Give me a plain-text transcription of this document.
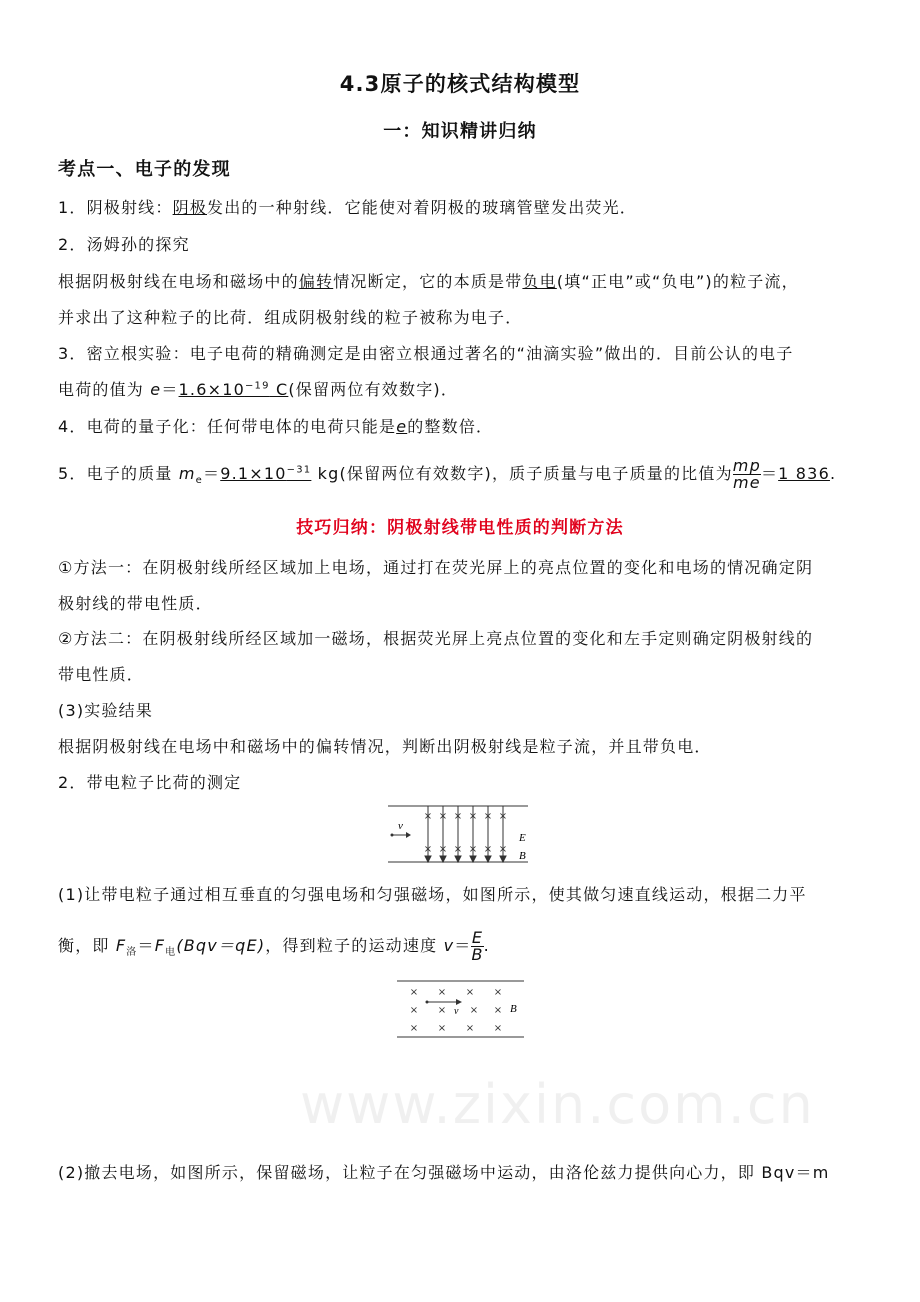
www.zixin.com.cn
4.3原子的核式结构模型
一：知识精讲归纳
考点一、电子的发现
1．阴极射线：阴极发出的一种射线．它能使对着阴极的玻璃管壁发出荧光．
2．汤姆孙的探究
根据阴极射线在电场和磁场中的偏转情况断定，它的本质是带负电(填“正电”或“负电”)的粒子流，
并求出了这种粒子的比荷．组成阴极射线的粒子被称为电子．
3．密立根实验：电子电荷的精确测定是由密立根通过著名的“油滴实验”做出的．目前公认的电子
电荷的值为 $e=1.6\times 10^{-19}$ C(保留两位有效数字)．
4．电荷的量子化：任何带电体的电荷只能是e的整数倍．
5．电子的质量 $m_e=9.1\times 10^{-31}$ kg(保留两位有效数字)，质子质量与电子质量的比值为 $\frac{mp}{me} =1$ 836.
技巧归纳：阴极射线带电性质的判断方法
①方法一：在阴极射线所经区域加上电场，通过打在荧光屏上的亮点位置的变化和电场的情况确定阴
极射线的带电性质．
②方法二：在阴极射线所经区域加一磁场，根据荧光屏上亮点位置的变化和左手定则确定阴极射线的
带电性质．
(3)实验结果
根据阴极射线在电场中和磁场中的偏转情况，判断出阴极射线是粒子流，并且带负电．
2．带电粒子比荷的测定
× × × × × ×
× × × × × ×
v
E
B
(1)让带电粒子通过相互垂直的匀强电场和匀强磁场，如图所示，使其做匀速直线运动，根据二力平
衡，即 $F_洛=F_电(Bqv=qE)$，得到粒子的运动速度 $v= \frac{E}{B}$ .
× × × ×
× × × ×
× × × ×
v	B
(2)撤去电场，如图所示，保留磁场，让粒子在匀强磁场中运动，由洛伦兹力提供向心力，即 Bqv＝m
